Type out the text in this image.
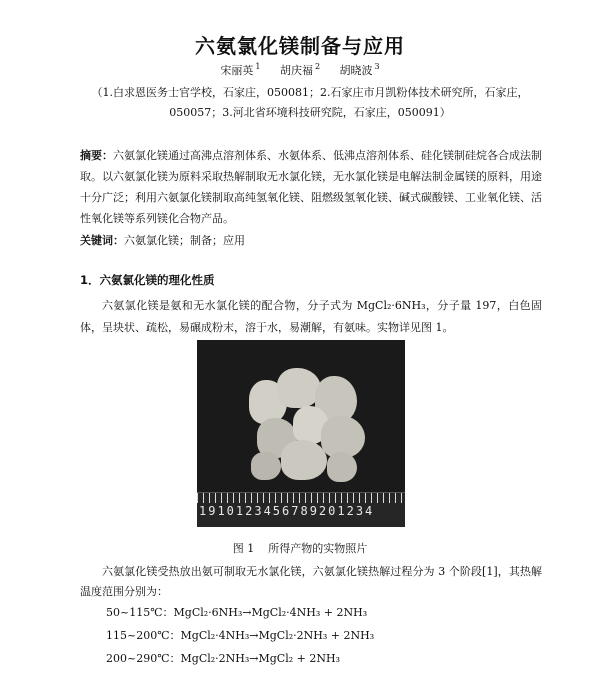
六氨氯化镁制备与应用
宋丽英 $^1$ 胡庆福 $^2$ 胡晓波 $^3$
（1.白求恩医务士官学校，石家庄，050081；2.石家庄市月凯粉体技术研究所，石家庄，050057；3.河北省环境科技研究院，石家庄，050091）
摘要：六氨氯化镁通过高沸点溶剂体系、水氨体系、低沸点溶剂体系、硅化镁制硅烷各合成法制取。以六氨氯化镁为原料采取热解制取无水氯化镁，无水氯化镁是电解法制金属镁的原料，用途十分广泛；利用六氨氯化镁制取高纯氢氧化镁、阻燃级氢氧化镁、碱式碳酸镁、工业氧化镁、活性氧化镁等系列镁化合物产品。
关键词：六氨氯化镁；制备；应用
1．六氨氯化镁的理化性质
六氨氯化镁是氨和无水氯化镁的配合物，分子式为 MgCl₂·6NH₃，分子量 197，白色固体，呈块状、疏松，易碾成粉末，溶于水，易潮解，有氨味。实物详见图 1。
1910123456789201234
图 1 所得产物的实物照片
六氨氯化镁受热放出氨可制取无水氯化镁，六氨氯化镁热解过程分为 3 个阶段[1]，其热解温度范围分别为：
50~115℃：MgCl₂·6NH₃→MgCl₂·4NH₃ + 2NH₃
115~200℃：MgCl₂·4NH₃→MgCl₂·2NH₃ + 2NH₃
200~290℃：MgCl₂·2NH₃→MgCl₂ + 2NH₃
